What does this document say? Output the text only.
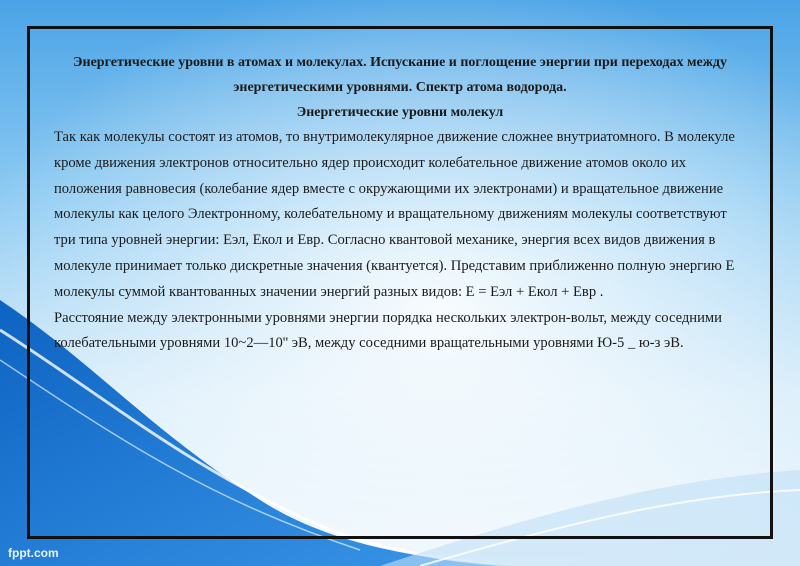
Энергетические уровни в атомах и молекулах. Испускание и поглощение энергии при переходах между энергетическими уровнями. Спектр атома водорода.

Энергетические уровни молекул

Так как молекулы состоят из атомов, то внутримолекулярное движение сложнее внутриатомного. В молекуле кроме движения электронов относительно ядер происходит колебательное движение атомов около их положения равновесия (колебание ядер вместе с окружающими их электронами) и вращательное движение молекулы как целого Электронному, колебательному и вращательному движениям молекулы соответствуют три типа уровней энергии: Еэл, Екол и Евр. Согласно квантовой механике, энергия всех видов движения в молекуле принимает только дискретные значения (квантуется). Представим приближенно полную энергию Е молекулы суммой квантованных значении энергий разных видов: Е = Еэл + Екол + Евр .

Расстояние между электронными уровнями энергии порядка нескольких электрон-вольт, между соседними колебательными уровнями 10~2—10'' эВ, между соседними вращательными уровнями Ю-5 _ ю-з эВ.

fppt.com
